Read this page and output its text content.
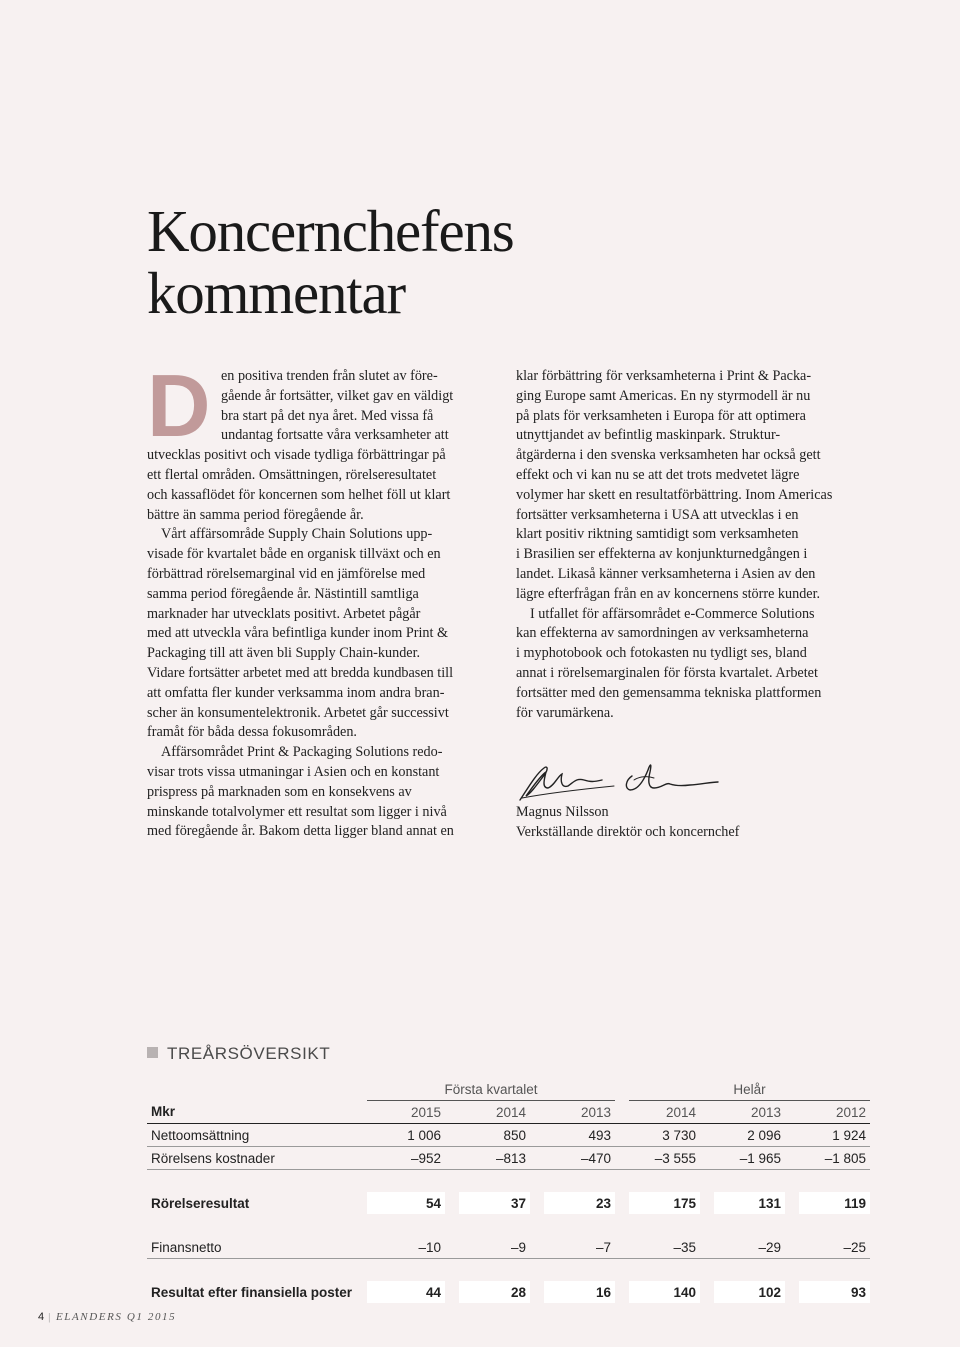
Koncernchefens
kommentar
D en positiva trenden från slutet av före-
gående år fortsätter, vilket gav en väldigt
bra start på det nya året. Med vissa få
undantag fortsatte våra verksamheter att
utvecklas positivt och visade tydliga förbättringar på
ett flertal områden. Omsättningen, rörelseresultatet
och kassaflödet för koncernen som helhet föll ut klart
bättre än samma period föregående år.

Vårt affärsområde Supply Chain Solutions upp-
visade för kvartalet både en organisk tillväxt och en
förbättrad rörelsemarginal vid en jämförelse med
samma period föregående år. Nästintill samtliga
marknader har utvecklats positivt. Arbetet pågår
med att utveckla våra befintliga kunder inom Print &
Packaging till att även bli Supply Chain-kunder.
Vidare fortsätter arbetet med att bredda kundbasen till
att omfatta fler kunder verksamma inom andra bran-
scher än konsumentelektronik. Arbetet går successivt
framåt för båda dessa fokusområden.

Affärsområdet Print & Packaging Solutions redo-
visar trots vissa utmaningar i Asien och en konstant
prispress på marknaden som en konsekvens av
minskande totalvolymer ett resultat som ligger i nivå
med föregående år. Bakom detta ligger bland annat en

klar förbättring för verksamheterna i Print & Packa-
ging Europe samt Americas. En ny styrmodell är nu
på plats för verksamheten i Europa för att optimera
utnyttjandet av befintlig maskinpark. Struktur-
åtgärderna i den svenska verksamheten har också gett
effekt och vi kan nu se att det trots medvetet lägre
volymer har skett en resultatförbättring. Inom Americas
fortsätter verksamheterna i USA att utvecklas i en
klart positiv riktning samtidigt som verksamheten
i Brasilien ser effekterna av konjunkturnedgången i
landet. Likaså känner verksamheterna i Asien av den
lägre efterfrågan från en av koncernens större kunder.

I utfallet för affärsområdet e-Commerce Solutions
kan effekterna av samordningen av verksamheterna
i myphotobook och fotokasten nu tydligt ses, bland
annat i rörelsemarginalen för första kvartalet. Arbetet
fortsätter med den gemensamma tekniska plattformen
för varumärkena.

Magnus Nilsson
Verkställande direktör och koncernchef
TREÅRSÖVERSIKT
	Första kvartalet						Helår				
Mkr	2015		2014		2013		2014		2013		2012
Nettoomsättning	1 006		850		493		3 730		2 096		1 924
Rörelsens kostnader	–952		–813		–470		–3 555		–1 965		–1 805

Rörelseresultat	54		37		23		175		131		119

Finansnetto	–10		–9		–7		–35		–29		–25

Resultat efter finansiella poster	44		28		16		140		102		93
4 | ELANDERS Q1 2015
